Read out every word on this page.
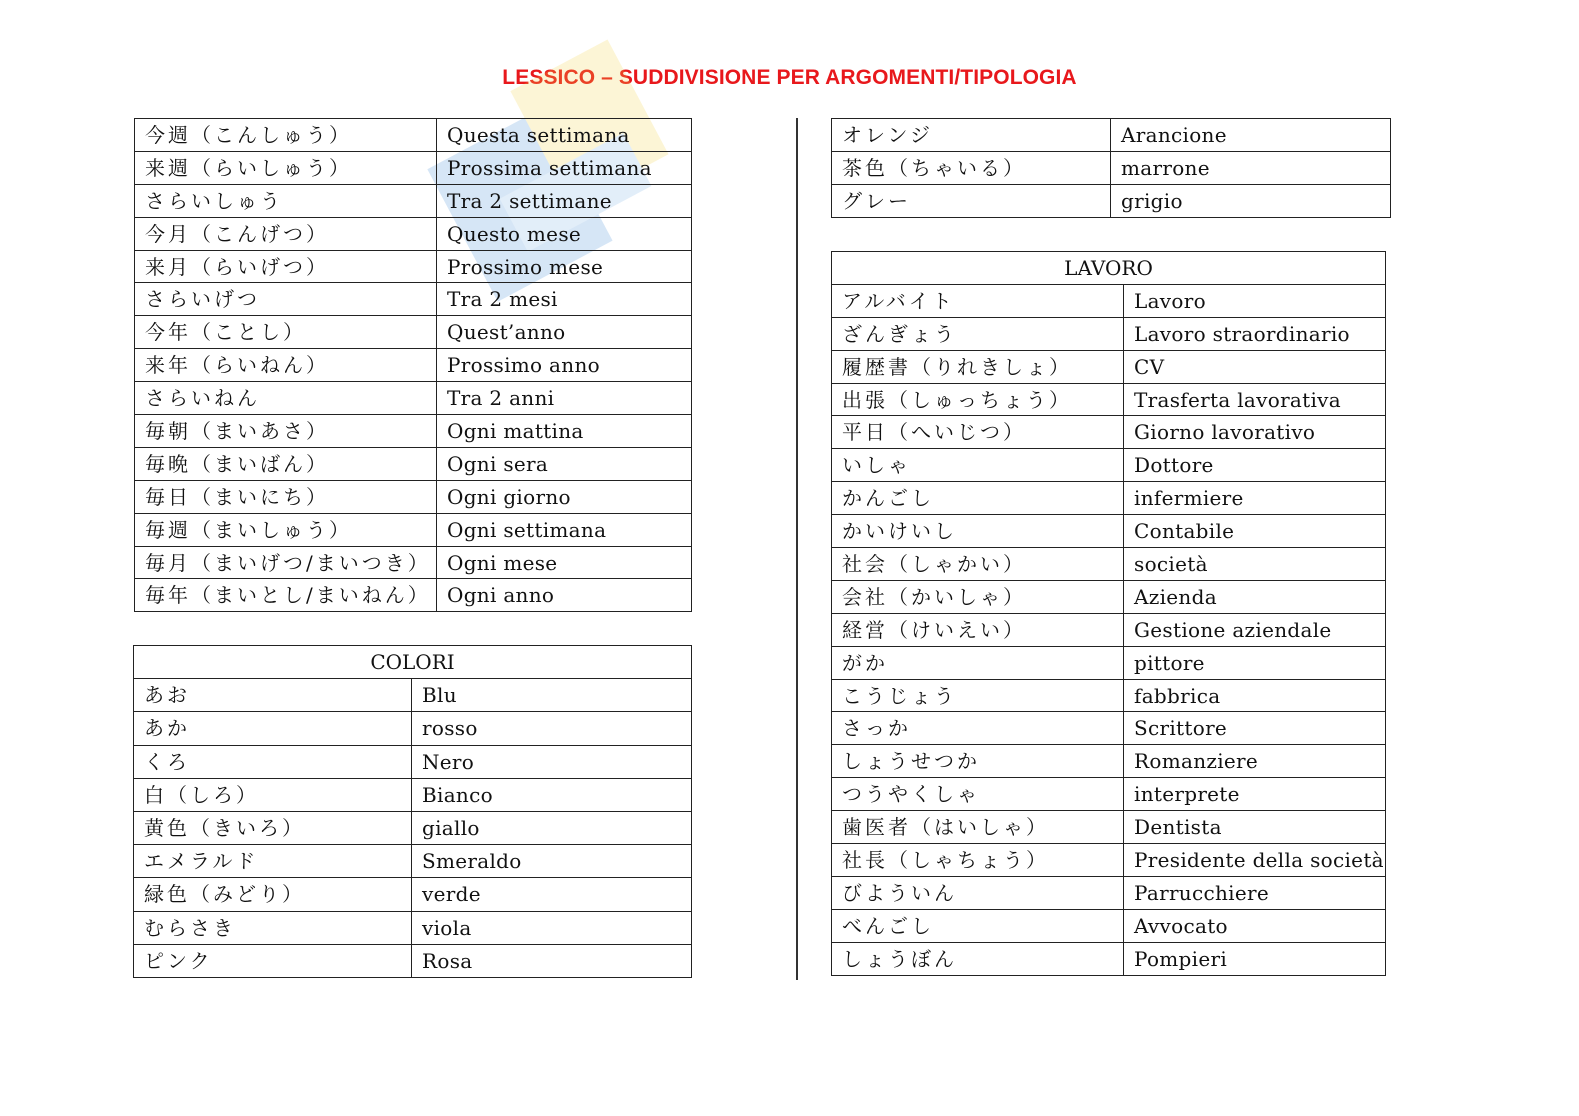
LESSICO – SUDDIVISIONE PER ARGOMENTI/TIPOLOGIA
今週（こんしゅう）	Questa settimana
来週（らいしゅう）	Prossima settimana
さらいしゅう	Tra 2 settimane
今月（こんげつ）	Questo mese
来月（らいげつ）	Prossimo mese
さらいげつ	Tra 2 mesi
今年（ことし）	Quest’anno
来年（らいねん）	Prossimo anno
さらいねん	Tra 2 anni
毎朝（まいあさ）	Ogni mattina
毎晩（まいばん）	Ogni sera
毎日（まいにち）	Ogni giorno
毎週（まいしゅう）	Ogni settimana
毎月（まいげつ/まいつき）	Ogni mese
毎年（まいとし/まいねん）	Ogni anno
COLORI	
あお	Blu
あか	rosso
くろ	Nero
白（しろ）	Bianco
黄色（きいろ）	giallo
エメラルド	Smeraldo
緑色（みどり）	verde
むらさき	viola
ピンク	Rosa
オレンジ	Arancione
茶色（ちゃいる）	marrone
グレー	grigio
LAVORO	
アルバイト	Lavoro
ざんぎょう	Lavoro straordinario
履歴書（りれきしょ）	CV
出張（しゅっちょう）	Trasferta lavorativa
平日（へいじつ）	Giorno lavorativo
いしゃ	Dottore
かんごし	infermiere
かいけいし	Contabile
社会（しゃかい）	società
会社（かいしゃ）	Azienda
経営（けいえい）	Gestione aziendale
がか	pittore
こうじょう	fabbrica
さっか	Scrittore
しょうせつか	Romanziere
つうやくしゃ	interprete
歯医者（はいしゃ）	Dentista
社長（しゃちょう）	Presidente della società
びよういん	Parrucchiere
べんごし	Avvocato
しょうぼん	Pompieri
